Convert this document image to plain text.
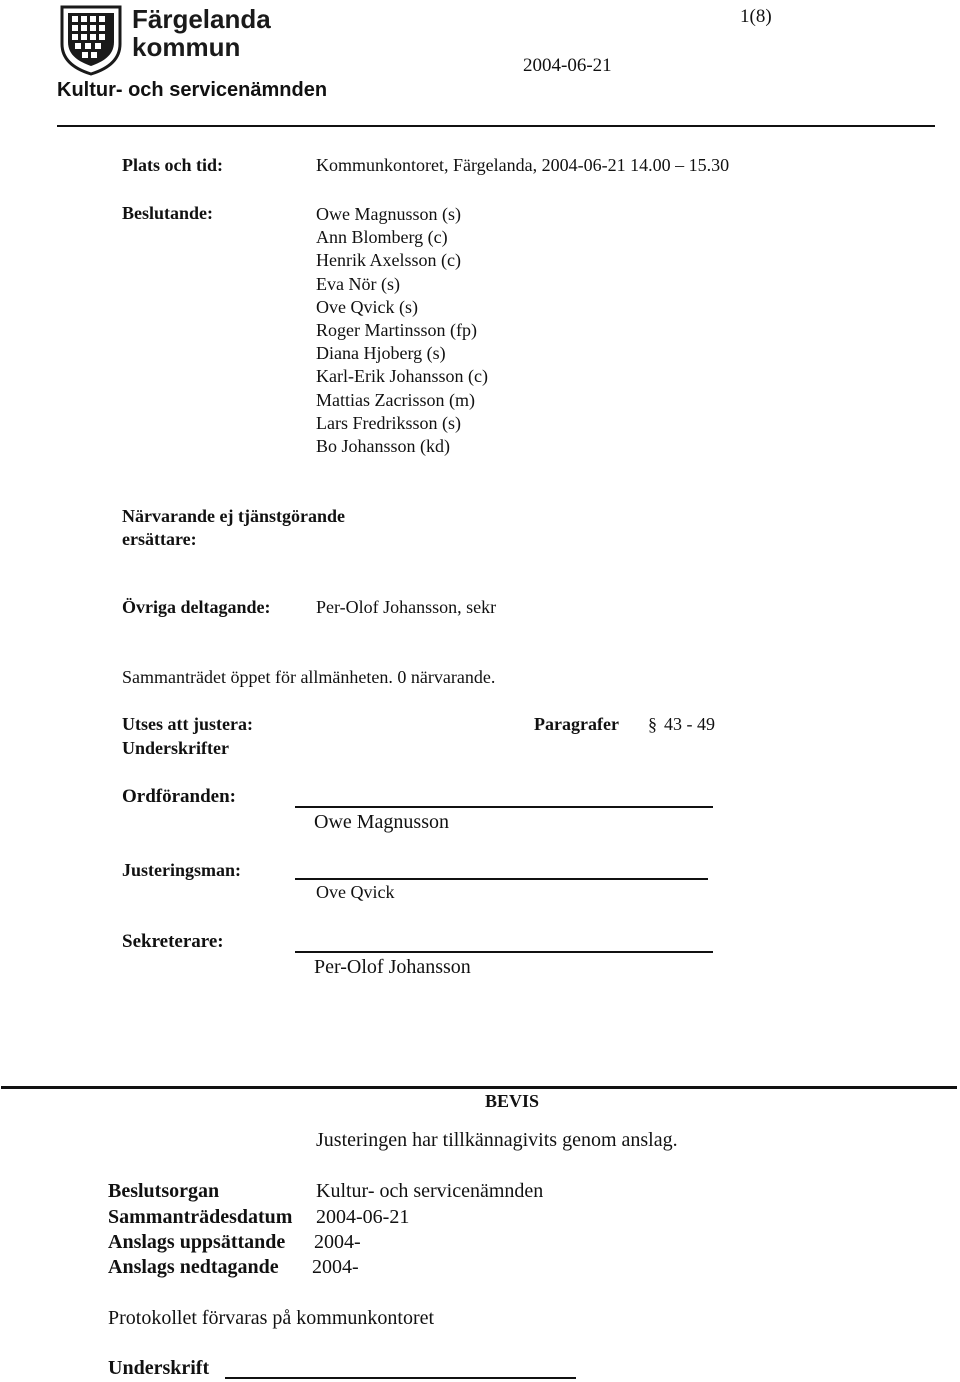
Färgelanda
kommun
1(8)
Kultur- och servicenämnden
2004-06-21
Plats och tid:	Kommunkontoret, Färgelanda, 2004-06-21 14.00 – 15.30
Beslutande:	Owe Magnusson (s)
Ann Blomberg (c)
Henrik Axelsson (c)
Eva Nör (s)
Ove Qvick (s)
Roger Martinsson (fp)
Diana Hjoberg (s)
Karl-Erik Johansson (c)
Mattias Zacrisson (m)
Lars Fredriksson (s)
Bo Johansson (kd)
Närvarande ej tjänstgörande
ersättare:
Övriga deltagande:	Per-Olof Johansson, sekr
Sammanträdet öppet för allmänheten. 0 närvarande.
Utses att justera:	Paragrafer § 43 - 49
Underskrifter
Ordföranden:
Owe Magnusson
Justeringsman:
Ove Qvick
Sekreterare:
Per-Olof Johansson
BEVIS
Justeringen har tillkännagivits genom anslag.
Beslutsorgan	Kultur- och servicenämnden
Sammanträdesdatum 2004-06-21
Anslags uppsättande 2004-
Anslags nedtagande 2004-
Protokollet förvaras på kommunkontoret
Underskrift
